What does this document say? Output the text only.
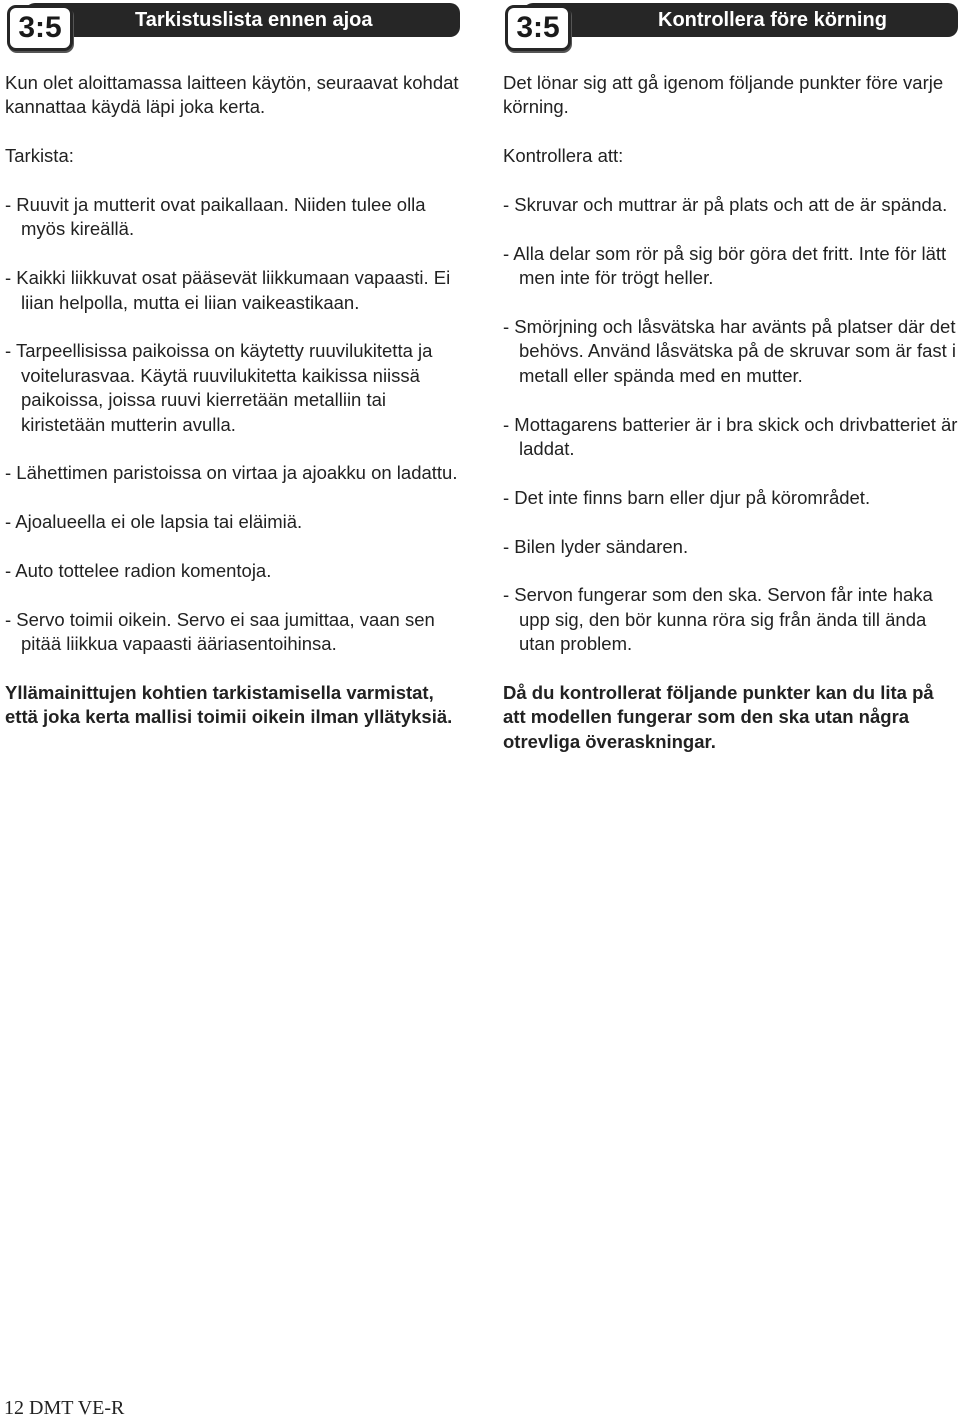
Tarkistuslista ennen ajoa
3:5

Kun olet aloittamassa laitteen käytön, seuraavat kohdat kannattaa käydä läpi joka kerta.

Tarkista:

- Ruuvit ja mutterit ovat paikallaan. Niiden tulee olla myös kireällä.

- Kaikki liikkuvat osat pääsevät liikkumaan vapaasti. Ei liian helpolla, mutta ei liian vaikeastikaan.

- Tarpeellisissa paikoissa on käytetty ruuvilukitetta ja voitelurasvaa. Käytä ruuvilukitetta kaikissa niissä paikoissa, joissa ruuvi kierretään metalliin tai kiristetään mutterin avulla.

- Lähettimen paristoissa on virtaa ja ajoakku on ladattu.

- Ajoalueella ei ole lapsia tai eläimiä.

- Auto tottelee radion komentoja.

- Servo toimii oikein. Servo ei saa jumittaa, vaan sen pitää liikkua vapaasti ääriasentoihinsa.

Yllämainittujen kohtien tarkistamisella varmistat, että joka kerta mallisi toimii oikein ilman yllätyksiä.

Kontrollera före körning
3:5

Det lönar sig att gå igenom följande punkter före varje körning.

Kontrollera att:

- Skruvar och muttrar är på plats och att de är spända.

- Alla delar som rör på sig bör göra det fritt. Inte för lätt men inte för trögt heller.

- Smörjning och låsvätska har avänts på platser där det behövs. Använd låsvätska på de skruvar som är fast i metall eller spända med en mutter.

- Mottagarens batterier är i bra skick och drivbatteriet är laddat.

- Det inte finns barn eller djur på körområdet.

- Bilen lyder sändaren.

- Servon fungerar som den ska. Servon får inte haka upp sig, den bör kunna röra sig från ända till ända utan problem.

Då du kontrollerat följande punkter kan du lita på att modellen fungerar som den ska utan några otrevliga överaskningar.

12 DMT VE-R
